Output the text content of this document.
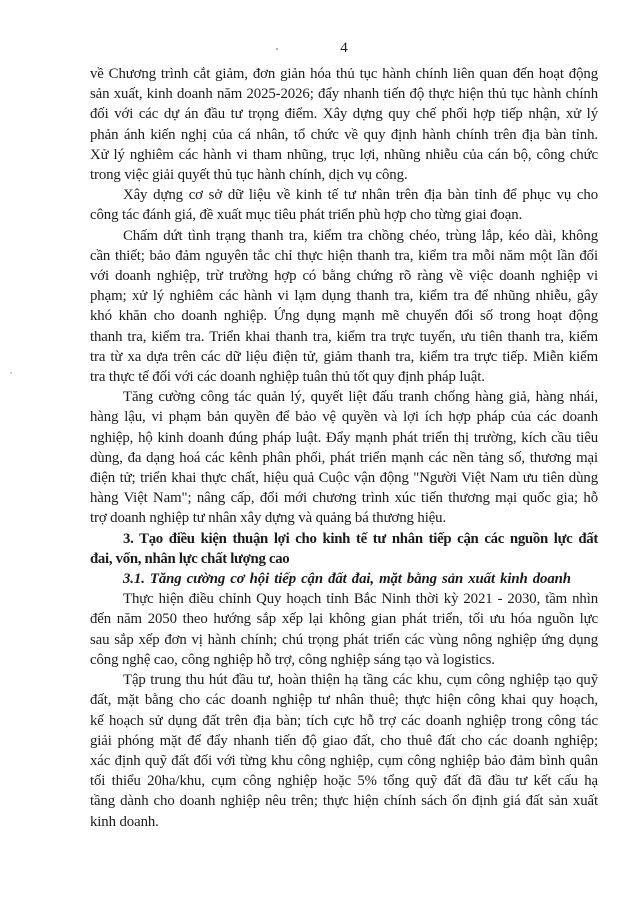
4
về Chương trình cắt giảm, đơn giản hóa thủ tục hành chính liên quan đến hoạt động
sản xuất, kinh doanh năm 2025-2026; đẩy nhanh tiến độ thực hiện thủ tục hành chính
đối với các dự án đầu tư trọng điểm. Xây dựng quy chế phối hợp tiếp nhận, xử lý
phản ánh kiến nghị của cá nhân, tổ chức về quy định hành chính trên địa bàn tỉnh.
Xử lý nghiêm các hành vi tham nhũng, trục lợi, nhũng nhiễu của cán bộ, công chức
trong việc giải quyết thủ tục hành chính, dịch vụ công.
Xây dựng cơ sở dữ liệu về kinh tế tư nhân trên địa bàn tỉnh để phục vụ cho
công tác đánh giá, đề xuất mục tiêu phát triển phù hợp cho từng giai đoạn.
Chấm dứt tình trạng thanh tra, kiểm tra chồng chéo, trùng lắp, kéo dài, không
cần thiết; bảo đảm nguyên tắc chỉ thực hiện thanh tra, kiểm tra mỗi năm một lần đối
với doanh nghiệp, trừ trường hợp có bằng chứng rõ ràng về việc doanh nghiệp vi
phạm; xử lý nghiêm các hành vi lạm dụng thanh tra, kiểm tra để nhũng nhiễu, gây
khó khăn cho doanh nghiệp. Ứng dụng mạnh mẽ chuyển đổi số trong hoạt động
thanh tra, kiểm tra. Triển khai thanh tra, kiểm tra trực tuyến, ưu tiên thanh tra, kiểm
tra từ xa dựa trên các dữ liệu điện tử, giảm thanh tra, kiểm tra trực tiếp. Miễn kiểm
tra thực tế đối với các doanh nghiệp tuân thủ tốt quy định pháp luật.
Tăng cường công tác quản lý, quyết liệt đấu tranh chống hàng giả, hàng nhái,
hàng lậu, vi phạm bản quyền để bảo vệ quyền và lợi ích hợp pháp của các doanh
nghiệp, hộ kinh doanh đúng pháp luật. Đẩy mạnh phát triển thị trường, kích cầu tiêu
dùng, đa dạng hoá các kênh phân phối, phát triển mạnh các nền tảng số, thương mại
điện tử; triển khai thực chất, hiệu quả Cuộc vận động "Người Việt Nam ưu tiên dùng
hàng Việt Nam"; nâng cấp, đổi mới chương trình xúc tiến thương mại quốc gia; hỗ
trợ doanh nghiệp tư nhân xây dựng và quảng bá thương hiệu.
3. Tạo điều kiện thuận lợi cho kinh tế tư nhân tiếp cận các nguồn lực đất
đai, vốn, nhân lực chất lượng cao
3.1. Tăng cường cơ hội tiếp cận đất đai, mặt bằng sản xuất kinh doanh
Thực hiện điều chỉnh Quy hoạch tỉnh Bắc Ninh thời kỳ 2021 - 2030, tầm nhìn
đến năm 2050 theo hướng sắp xếp lại không gian phát triển, tối ưu hóa nguồn lực
sau sắp xếp đơn vị hành chính; chú trọng phát triển các vùng nông nghiệp ứng dụng
công nghệ cao, công nghiệp hỗ trợ, công nghiệp sáng tạo và logistics.
Tập trung thu hút đầu tư, hoàn thiện hạ tầng các khu, cụm công nghiệp tạo quỹ
đất, mặt bằng cho các doanh nghiệp tư nhân thuê; thực hiện công khai quy hoạch,
kế hoạch sử dụng đất trên địa bàn; tích cực hỗ trợ các doanh nghiệp trong công tác
giải phóng mặt để đẩy nhanh tiến độ giao đất, cho thuê đất cho các doanh nghiệp;
xác định quỹ đất đối với từng khu công nghiệp, cụm công nghiệp bảo đảm bình quân
tối thiểu 20ha/khu, cụm công nghiệp hoặc 5% tổng quỹ đất đã đầu tư kết cấu hạ
tầng dành cho doanh nghiệp nêu trên; thực hiện chính sách ổn định giá đất sản xuất
kinh doanh.
